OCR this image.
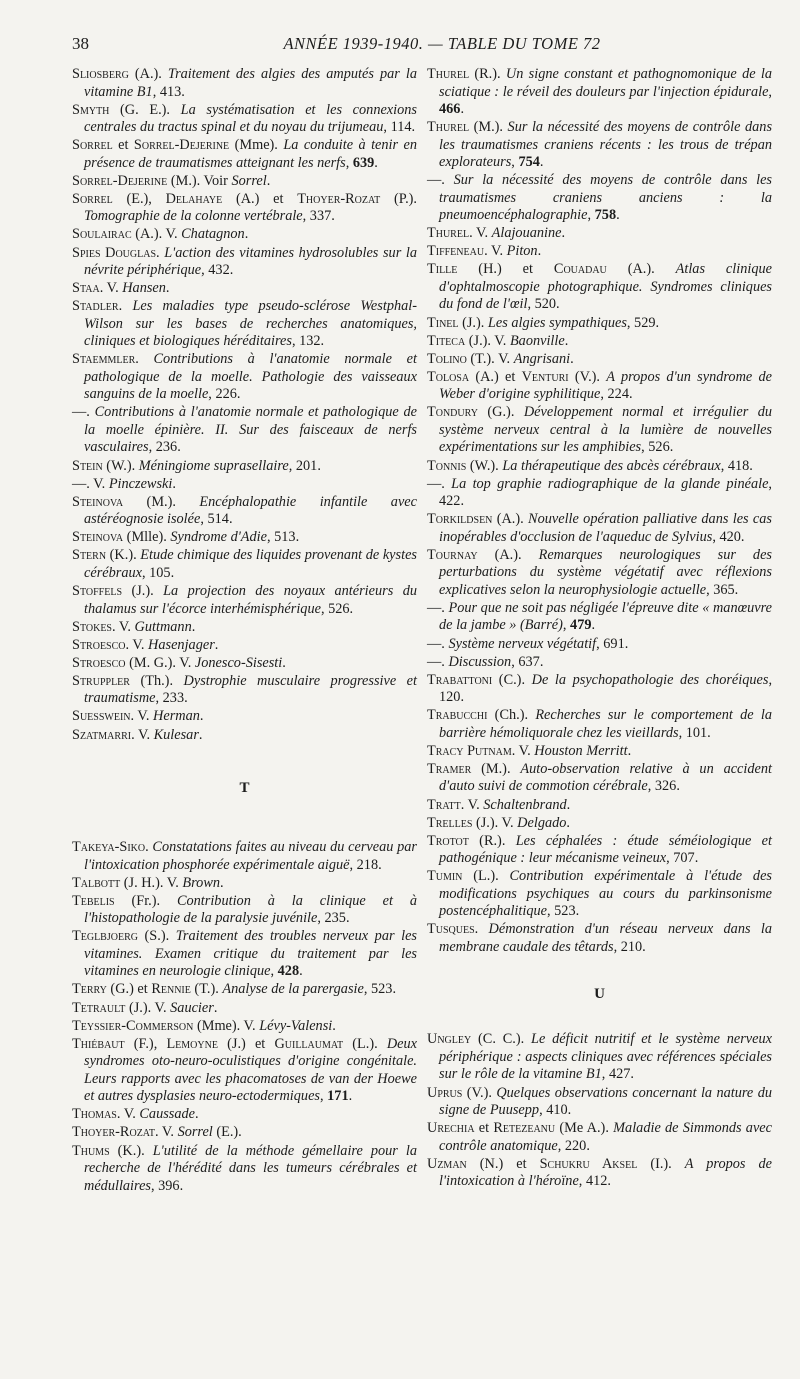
38	ANNÉE 1939-1940. — TABLE DU TOME 72

Sliosberg (A.). Traitement des algies des amputés par la vitamine B1, 413.

Smyth (G. E.). La systématisation et les connexions centrales du tractus spinal et du noyau du trijumeau, 114.

Sorrel et Sorrel-Dejerine (Mme). La conduite à tenir en présence de traumatismes atteignant les nerfs, 639.

Sorrel-Dejerine (M.). Voir Sorrel.

Sorrel (E.), Delahaye (A.) et Thoyer-Rozat (P.). Tomographie de la colonne vertébrale, 337.

Soulairac (A.). V. Chatagnon.

Spies Douglas. L'action des vitamines hydrosolubles sur la névrite périphérique, 432.

Staa. V. Hansen.

Stadler. Les maladies type pseudo-sclérose Westphal-Wilson sur les bases de recherches anatomiques, cliniques et biologiques héréditaires, 132.

Staemmler. Contributions à l'anatomie normale et pathologique de la moelle. Pathologie des vaisseaux sanguins de la moelle, 226.

—. Contributions à l'anatomie normale et pathologique de la moelle épinière. II. Sur des faisceaux de nerfs vasculaires, 236.

Stein (W.). Méningiome suprasellaire, 201.

—. V. Pinczewski.

Steinova (M.). Encéphalopathie infantile avec astéréognosie isolée, 514.

Steinova (Mlle). Syndrome d'Adie, 513.

Stern (K.). Etude chimique des liquides provenant de kystes cérébraux, 105.

Stoffels (J.). La projection des noyaux antérieurs du thalamus sur l'écorce interhémisphérique, 526.

Stokes. V. Guttmann.

Stroesco. V. Hasenjager.

Stroesco (M. G.). V. Jonesco-Sisesti.

Struppler (Th.). Dystrophie musculaire progressive et traumatisme, 233.

Suesswein. V. Herman.

Szatmarri. V. Kulesar.

T

Takeya-Siko. Constatations faites au niveau du cerveau par l'intoxication phosphorée expérimentale aiguë, 218.

Talbott (J. H.). V. Brown.

Tebelis (Fr.). Contribution à la clinique et à l'histopathologie de la paralysie juvénile, 235.

Teglbjoerg (S.). Traitement des troubles nerveux par les vitamines. Examen critique du traitement par les vitamines en neurologie clinique, 428.

Terry (G.) et Rennie (T.). Analyse de la parergasie, 523.

Tetrault (J.). V. Saucier.

Teyssier-Commerson (Mme). V. Lévy-Valensi.

Thiébaut (F.), Lemoyne (J.) et Guillaumat (L.). Deux syndromes oto-neuro-oculistiques d'origine congénitale. Leurs rapports avec les phacomatoses de van der Hoewe et autres dysplasies neuro-ectodermiques, 171.

Thomas. V. Caussade.

Thoyer-Rozat. V. Sorrel (E.).

Thums (K.). L'utilité de la méthode gémellaire pour la recherche de l'hérédité dans les tumeurs cérébrales et médullaires, 396.

Thurel (R.). Un signe constant et pathognomonique de la sciatique : le réveil des douleurs par l'injection épidurale, 466.

Thurel (M.). Sur la nécessité des moyens de contrôle dans les traumatismes craniens récents : les trous de trépan explorateurs, 754.

—. Sur la nécessité des moyens de contrôle dans les traumatismes craniens anciens : la pneumoencéphalographie, 758.

Thurel. V. Alajouanine.

Tiffeneau. V. Piton.

Tille (H.) et Couadau (A.). Atlas clinique d'ophtalmoscopie photographique. Syndromes cliniques du fond de l'œil, 520.

Tinel (J.). Les algies sympathiques, 529.

Titeca (J.). V. Baonville.

Tolino (T.). V. Angrisani.

Tolosa (A.) et Venturi (V.). A propos d'un syndrome de Weber d'origine syphilitique, 224.

Tondury (G.). Développement normal et irrégulier du système nerveux central à la lumière de nouvelles expérimentations sur les amphibies, 526.

Tonnis (W.). La thérapeutique des abcès cérébraux, 418.

—. La top graphie radiographique de la glande pinéale, 422.

Torkildsen (A.). Nouvelle opération palliative dans les cas inopérables d'occlusion de l'aqueduc de Sylvius, 420.

Tournay (A.). Remarques neurologiques sur des perturbations du système végétatif avec réflexions explicatives selon la neurophysiologie actuelle, 365.

—. Pour que ne soit pas négligée l'épreuve dite « manœuvre de la jambe » (Barré), 479.

—. Système nerveux végétatif, 691.

—. Discussion, 637.

Trabattoni (C.). De la psychopathologie des choréiques, 120.

Trabucchi (Ch.). Recherches sur le comportement de la barrière hémoliquorale chez les vieillards, 101.

Tracy Putnam. V. Houston Merritt.

Tramer (M.). Auto-observation relative à un accident d'auto suivi de commotion cérébrale, 326.

Tratt. V. Schaltenbrand.

Trelles (J.). V. Delgado.

Trotot (R.). Les céphalées : étude séméiologique et pathogénique : leur mécanisme veineux, 707.

Tumin (L.). Contribution expérimentale à l'étude des modifications psychiques au cours du parkinsonisme postencéphalitique, 523.

Tusques. Démonstration d'un réseau nerveux dans la membrane caudale des têtards, 210.

U

Ungley (C. C.). Le déficit nutritif et le système nerveux périphérique : aspects cliniques avec références spéciales sur le rôle de la vitamine B1, 427.

Uprus (V.). Quelques observations concernant la nature du signe de Puusepp, 410.

Urechia et Retezeanu (Me A.). Maladie de Simmonds avec contrôle anatomique, 220.

Uzman (N.) et Schukru Aksel (I.). A propos de l'intoxication à l'héroïne, 412.
